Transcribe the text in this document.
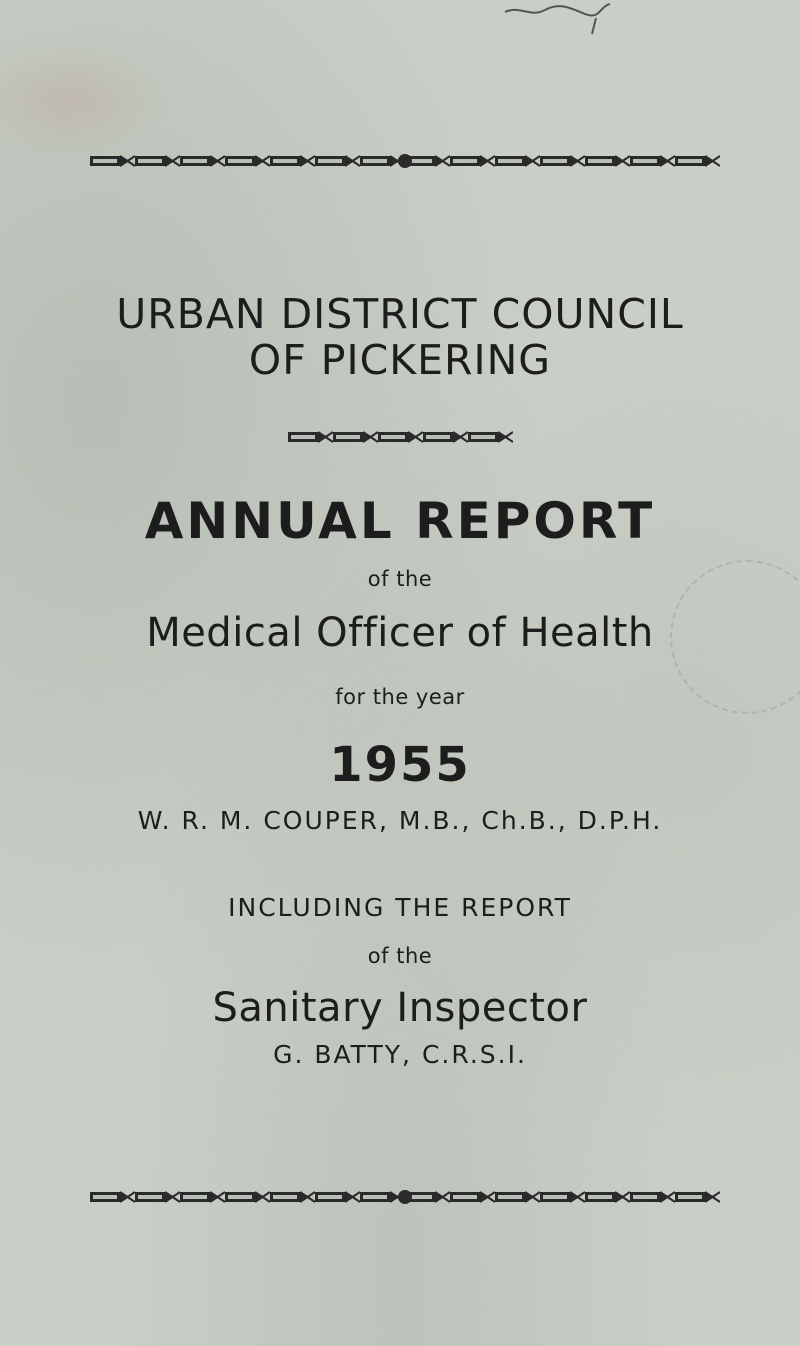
URBAN DISTRICT COUNCIL
OF PICKERING
ANNUAL REPORT
of the
Medical Officer of Health
for the year
1955
W. R. M. COUPER, M.B., Ch.B., D.P.H.
INCLUDING THE REPORT
of the
Sanitary Inspector
G. BATTY, C.R.S.I.
